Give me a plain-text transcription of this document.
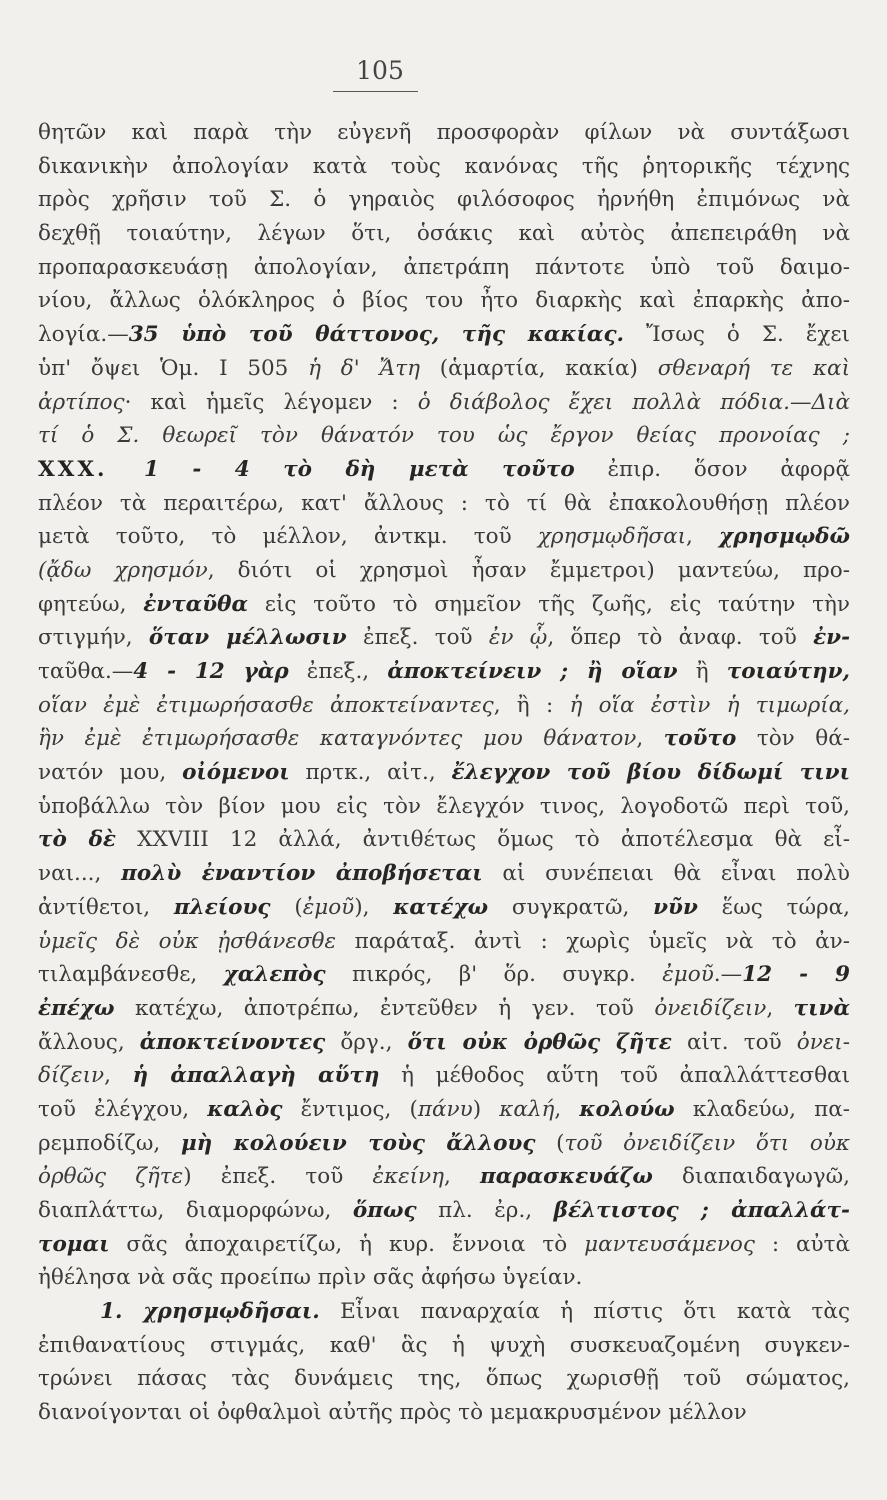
105
θητῶν καὶ παρὰ τὴν εὐγενῆ προσφορὰν φίλων νὰ συντάξωσι
δικανικὴν ἀπολογίαν κατὰ τοὺς κανόνας τῆς ῥητορικῆς τέχνης
πρὸς χρῆσιν τοῦ Σ. ὁ γηραιὸς φιλόσοφος ἠρνήθη ἐπιμόνως νὰ
δεχθῇ τοιαύτην, λέγων ὅτι, ὁσάκις καὶ αὐτὸς ἀπεπειράθη νὰ
προπαρασκευάσῃ ἀπολογίαν, ἀπετράπη πάντοτε ὑπὸ τοῦ δαιμο-
νίου, ἄλλως ὁλόκληρος ὁ βίος του ἦτο διαρκὴς καὶ ἐπαρκὴς ἀπο-
λογία.—35 ὑπὸ τοῦ θάττονος, τῆς κακίας. Ἴσως ὁ Σ. ἔχει
ὑπ' ὄψει Ὁμ. Ι 505 ἡ δ' Ἄτη (ἁμαρτία, κακία) σθεναρή τε καὶ
ἀρτίπος· καὶ ἡμεῖς λέγομεν : ὁ διάβολος ἔχει πολλὰ πόδια.—Διὰ
τί ὁ Σ. θεωρεῖ τὸν θάνατόν του ὡς ἔργον θείας προνοίας ;
XXX. 1 - 4 τὸ δὴ μετὰ τοῦτο ἐπιρ. ὅσον ἀφορᾷ
πλέον τὰ περαιτέρω, κατ' ἄλλους : τὸ τί θὰ ἐπακολουθήσῃ πλέον
μετὰ τοῦτο, τὸ μέλλον, ἀντκμ. τοῦ χρησμῳδῆσαι, χρησμῳδῶ
(ᾄδω χρησμόν, διότι οἱ χρησμοὶ ἦσαν ἔμμετροι) μαντεύω, προ-
φητεύω, ἐνταῦθα εἰς τοῦτο τὸ σημεῖον τῆς ζωῆς, εἰς ταύτην τὴν
στιγμήν, ὅταν μέλλωσιν ἐπεξ. τοῦ ἐν ᾧ, ὅπερ τὸ ἀναφ. τοῦ ἐν-
ταῦθα.—4 - 12 γὰρ ἐπεξ., ἀποκτείνειν ; ἢ οἵαν ἢ τοιαύτην,
οἵαν ἐμὲ ἐτιμωρήσασθε ἀποκτείναντες, ἢ : ἡ οἵα ἐστὶν ἡ τιμωρία,
ἣν ἐμὲ ἐτιμωρήσασθε καταγνόντες μου θάνατον, τοῦτο τὸν θά-
νατόν μου, οἰόμενοι πρτκ., αἰτ., ἔλεγχον τοῦ βίου δίδωμί τινι
ὑποβάλλω τὸν βίον μου εἰς τὸν ἔλεγχόν τινος, λογοδοτῶ περὶ τοῦ,
τὸ δὲ XXVIII 12 ἀλλά, ἀντιθέτως ὅμως τὸ ἀποτέλεσμα θὰ εἶ-
ναι..., πολὺ ἐναντίον ἀποβήσεται αἱ συνέπειαι θὰ εἶναι πολὺ
ἀντίθετοι, πλείους (ἐμοῦ), κατέχω συγκρατῶ, νῦν ἕως τώρα,
ὑμεῖς δὲ οὐκ ᾐσθάνεσθε παράταξ. ἀντὶ : χωρὶς ὑμεῖς νὰ τὸ ἀν-
τιλαμβάνεσθε, χαλεπὸς πικρός, β' ὅρ. συγκρ. ἐμοῦ.—12 - 9
ἐπέχω κατέχω, ἀποτρέπω, ἐντεῦθεν ἡ γεν. τοῦ ὀνειδίζειν, τινὰ
ἄλλους, ἀποκτείνοντες ὄργ., ὅτι οὐκ ὀρθῶς ζῆτε αἰτ. τοῦ ὀνει-
δίζειν, ἡ ἀπαλλαγὴ αὕτη ἡ μέθοδος αὕτη τοῦ ἀπαλλάττεσθαι
τοῦ ἐλέγχου, καλὸς ἔντιμος, (πάνυ) καλή, κολούω κλαδεύω, πα-
ρεμποδίζω, μὴ κολούειν τοὺς ἄλλους (τοῦ ὀνειδίζειν ὅτι οὐκ
ὀρθῶς ζῆτε) ἐπεξ. τοῦ ἐκείνη, παρασκευάζω διαπαιδαγωγῶ,
διαπλάττω, διαμορφώνω, ὅπως πλ. ἐρ., βέλτιστος ; ἀπαλλάτ-
τομαι σᾶς ἀποχαιρετίζω, ἡ κυρ. ἔννοια τὸ μαντευσάμενος : αὐτὰ
ἠθέλησα νὰ σᾶς προείπω πρὶν σᾶς ἀφήσω ὑγείαν.
1. χρησμῳδῆσαι. Εἶναι παναρχαία ἡ πίστις ὅτι κατὰ τὰς
ἐπιθανατίους στιγμάς, καθ' ἃς ἡ ψυχὴ συσκευαζομένη συγκεν-
τρώνει πάσας τὰς δυνάμεις της, ὅπως χωρισθῇ τοῦ σώματος,
διανοίγονται οἱ ὀφθαλμοὶ αὐτῆς πρὸς τὸ μεμακρυσμένον μέλλον
